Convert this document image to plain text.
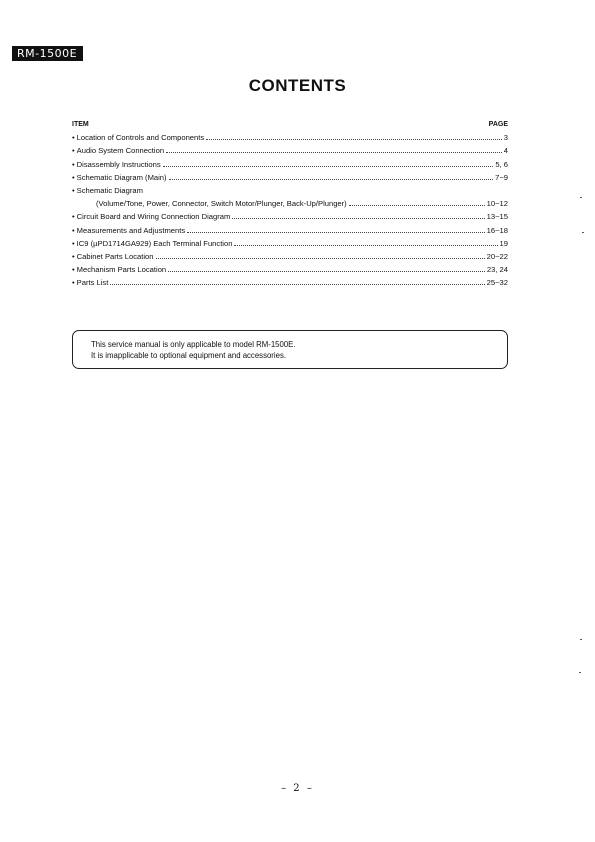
RM-1500E
CONTENTS
ITEM	PAGE
• Location of Controls and Components	3
• Audio System Connection	4
• Disassembly Instructions	5, 6
• Schematic Diagram (Main)	7~9
• Schematic Diagram
(Volume/Tone, Power, Connector, Switch Motor/Plunger, Back-Up/Plunger)	10~12
• Circuit Board and Wiring Connection Diagram	13~15
• Measurements and Adjustments	16~18
• IC9 (µPD1714GA929) Each Terminal Function	19
• Cabinet Parts Location	20~22
• Mechanism Parts Location	23, 24
• Parts List	25~32
This service manual is only applicable to model RM-1500E.
It is imapplicable to optional equipment and accessories.
– 2 –
